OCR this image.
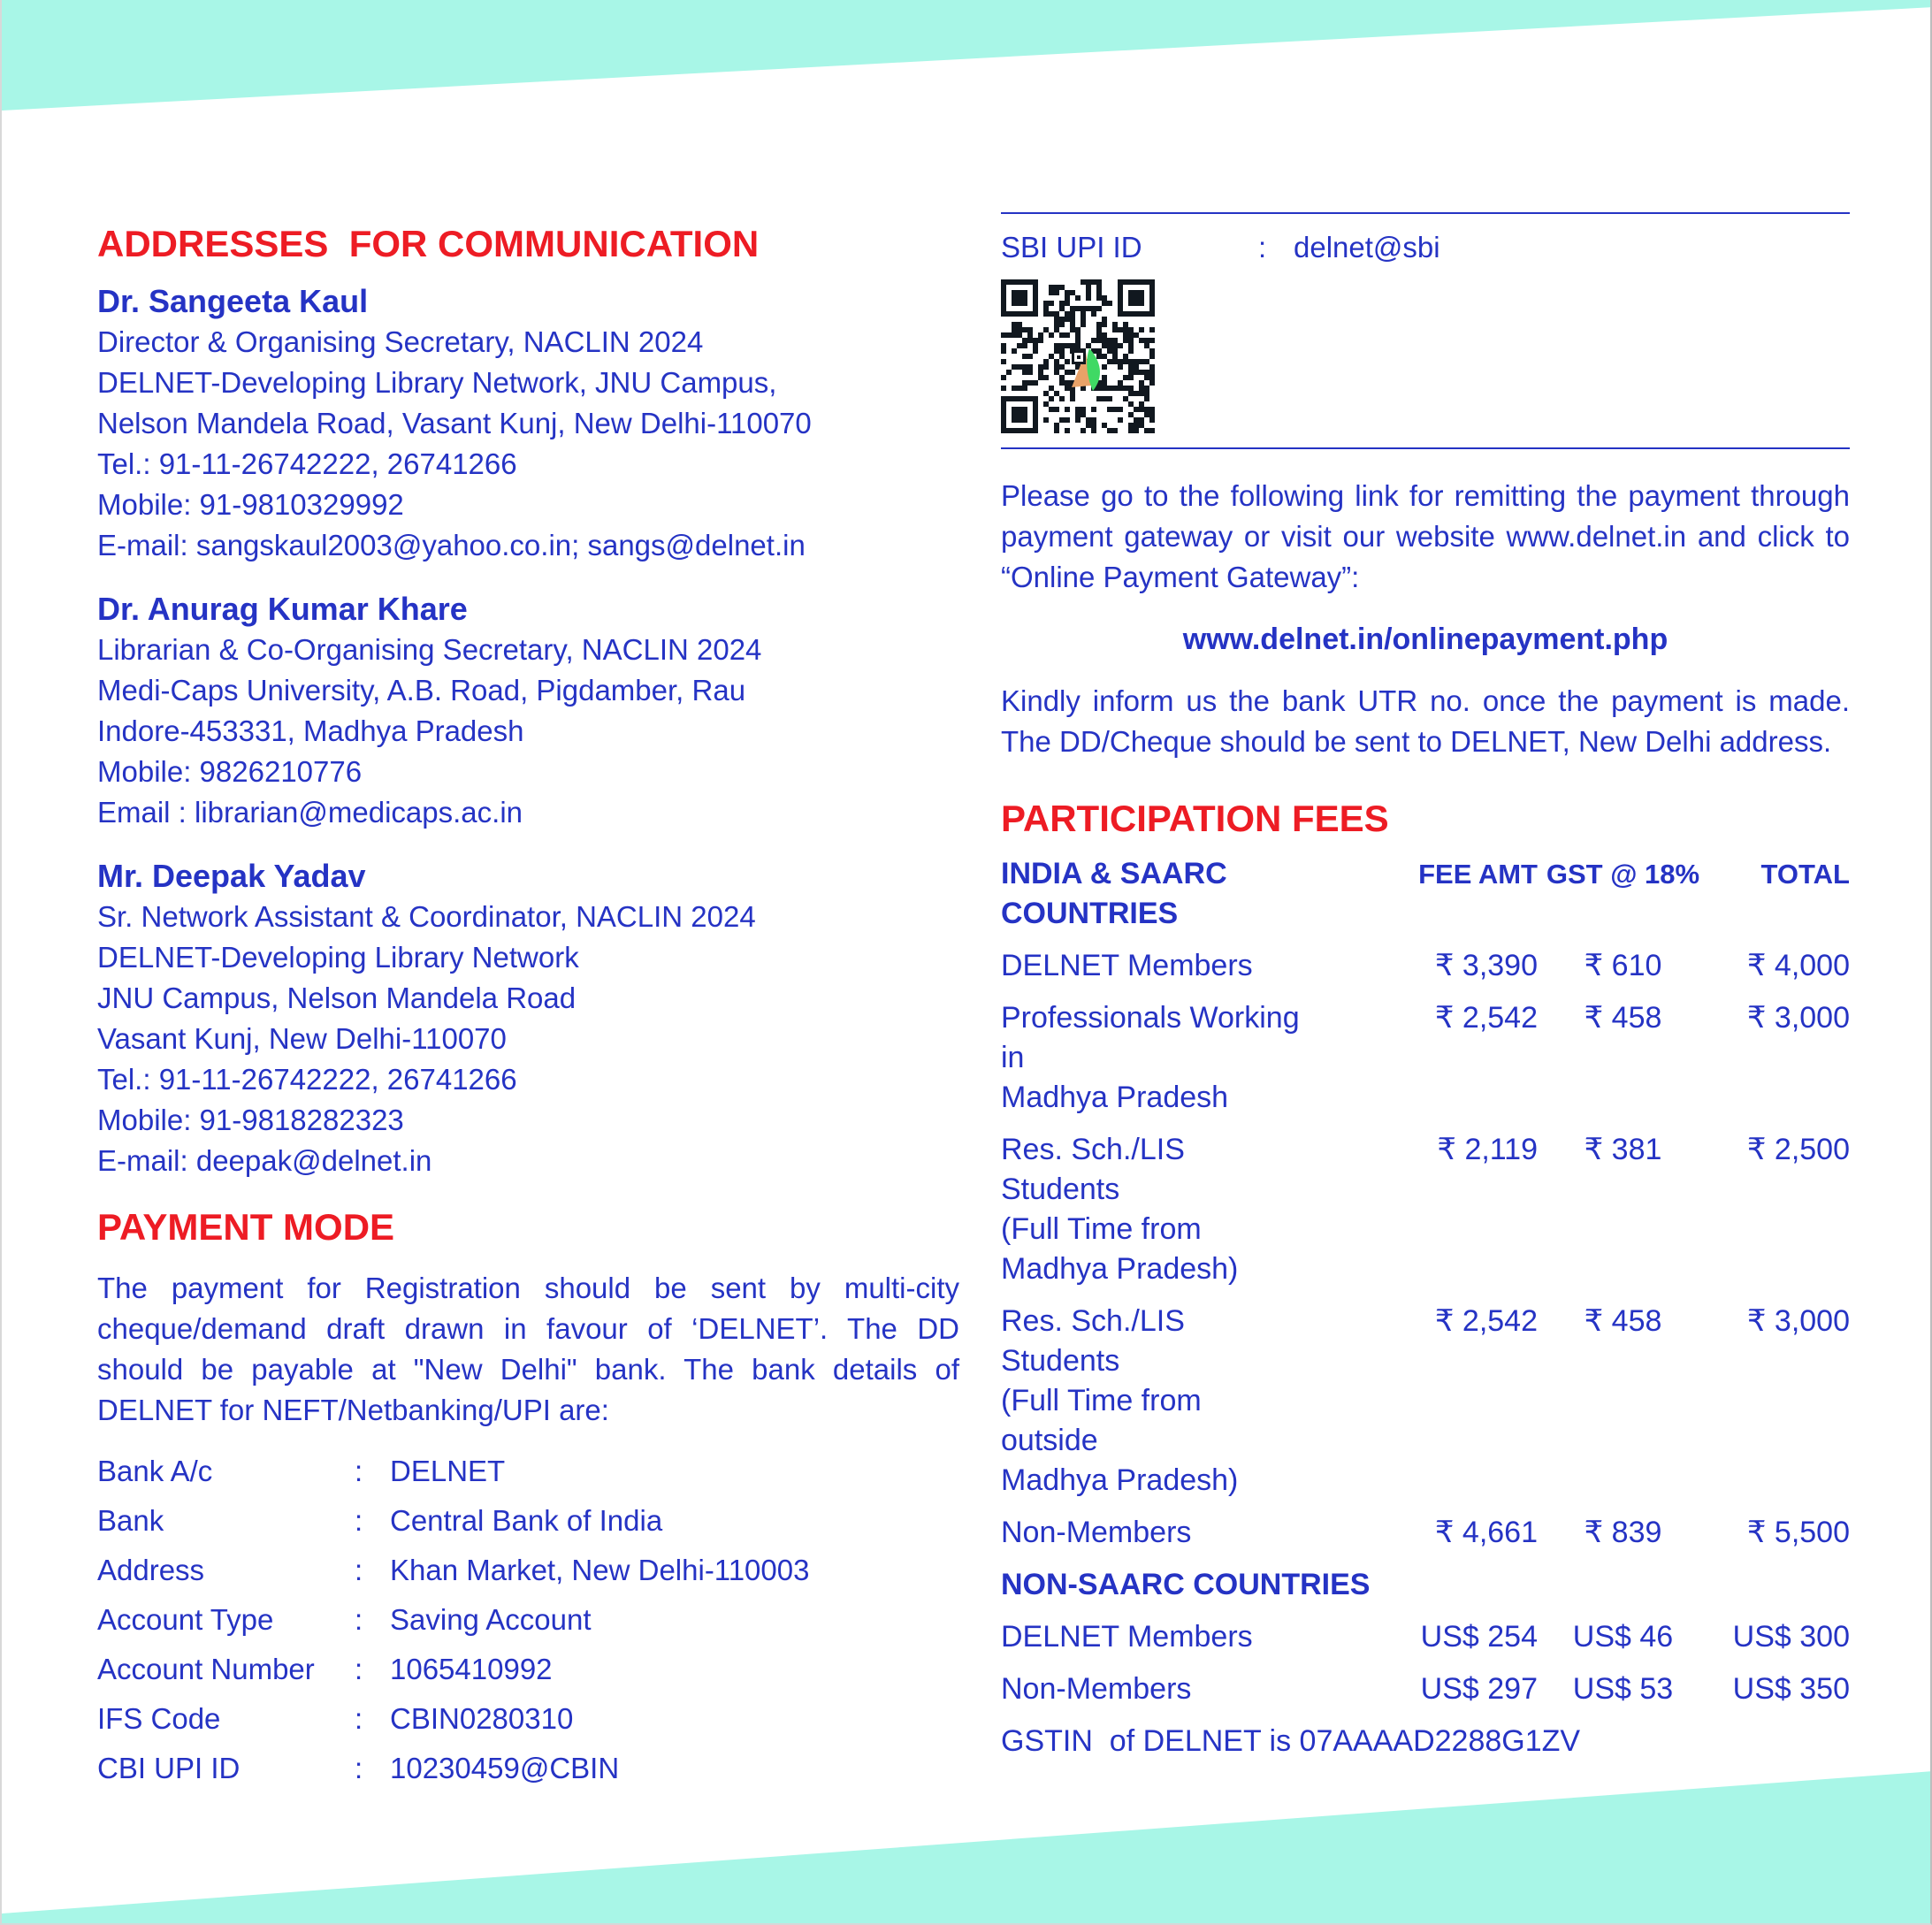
ADDRESSES  FOR COMMUNICATION
Dr. Sangeeta Kaul
Director & Organising Secretary, NACLIN 2024
DELNET-Developing Library Network, JNU Campus,
Nelson Mandela Road, Vasant Kunj, New Delhi-110070
Tel.: 91-11-26742222, 26741266
Mobile: 91-9810329992
E-mail: sangskaul2003@yahoo.co.in; sangs@delnet.in
Dr. Anurag Kumar Khare
Librarian & Co-Organising Secretary, NACLIN 2024
Medi-Caps University, A.B. Road, Pigdamber, Rau
Indore-453331, Madhya Pradesh
Mobile: 9826210776
Email : librarian@medicaps.ac.in
Mr. Deepak Yadav
Sr. Network Assistant & Coordinator, NACLIN 2024
DELNET-Developing Library Network
JNU Campus, Nelson Mandela Road
Vasant Kunj, New Delhi-110070
Tel.: 91-11-26742222, 26741266
Mobile: 91-9818282323
E-mail: deepak@delnet.in
PAYMENT MODE
The payment for Registration should be sent by multi-city cheque/demand draft drawn in favour of ‘DELNET’. The DD should be payable at "New Delhi" bank. The bank details of DELNET for NEFT/Netbanking/UPI are:
Bank A/c	: DELNET
Bank	: Central Bank of India
Address	: Khan Market, New Delhi-110003
Account Type	: Saving Account
Account Number	: 1065410992
IFS Code	: CBIN0280310
CBI UPI ID	: 10230459@CBIN
SBI UPI ID	: delnet@sbi
Please go to the following link for remitting the payment through payment gateway or visit our website www.delnet.in and click to “Online Payment Gateway”:
www.delnet.in/onlinepayment.php
Kindly inform us the bank UTR no. once the payment is made. The DD/Cheque should be sent to DELNET, New Delhi address.
PARTICIPATION FEES
INDIA & SAARC COUNTRIES
FEE AMT GST @ 18%	TOTAL
DELNET Members	₹ 3,390	₹ 610	₹ 4,000
Professionals Working in
Madhya Pradesh
₹ 2,542	₹ 458	₹ 3,000
Res. Sch./LIS Students
(Full Time from
Madhya Pradesh)
₹ 2,119	₹ 381	₹ 2,500
Res. Sch./LIS Students
(Full Time from outside
Madhya Pradesh)
₹ 2,542	₹ 458	₹ 3,000
Non-Members	₹ 4,661	₹ 839	₹ 5,500
NON-SAARC COUNTRIES
DELNET Members	US$ 254	US$ 46	US$ 300
Non-Members	US$ 297	US$ 53	US$ 350
GSTIN  of DELNET is 07AAAAD2288G1ZV
